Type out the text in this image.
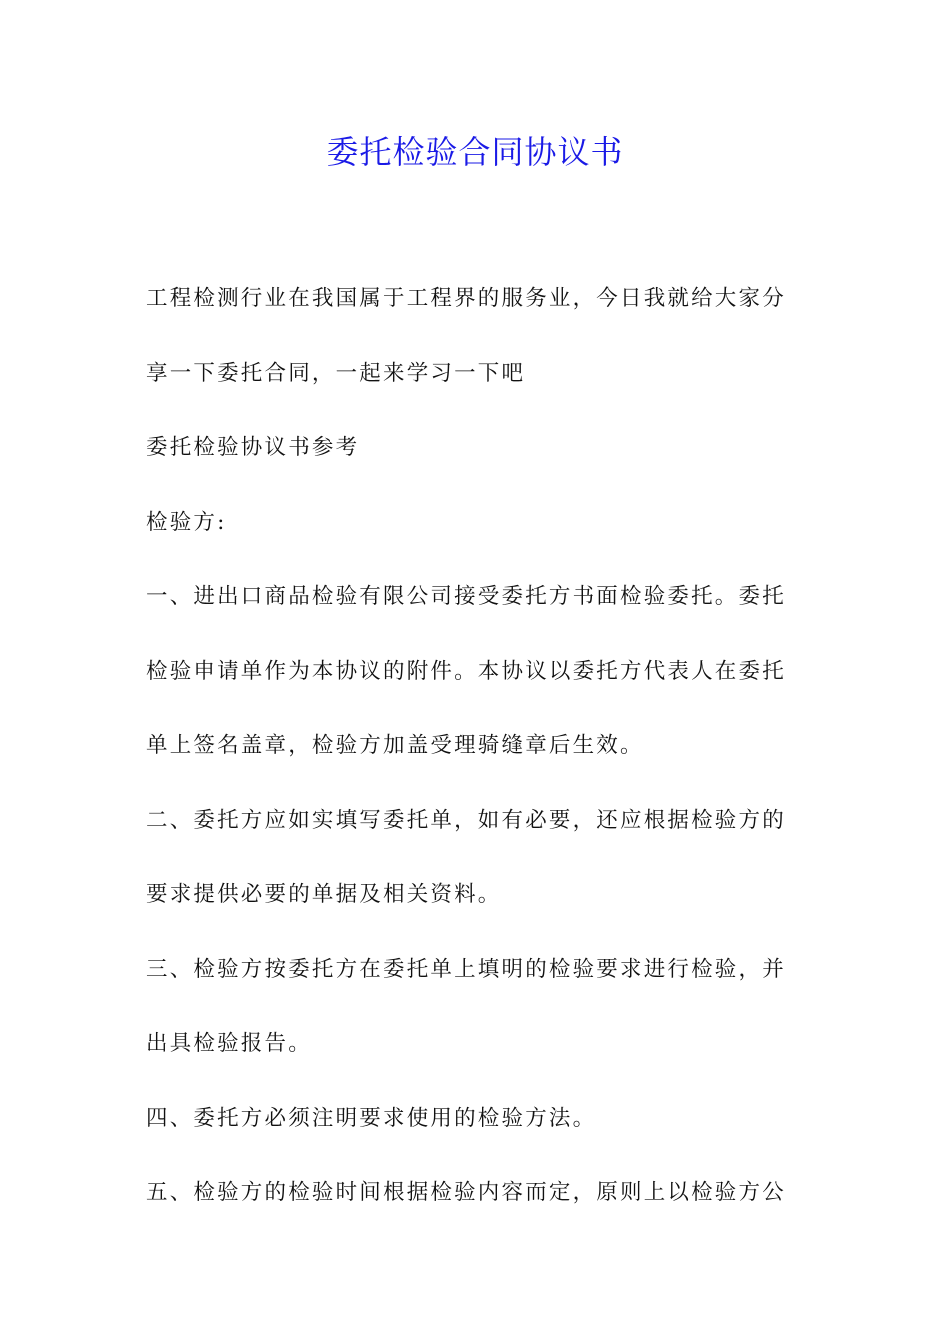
委托检验合同协议书
工程检测行业在我国属于工程界的服务业，今日我就给大家分
享一下委托合同，一起来学习一下吧
委托检验协议书参考
检验方:
一、进出口商品检验有限公司接受委托方书面检验委托。委托
检验申请单作为本协议的附件。本协议以委托方代表人在委托
单上签名盖章，检验方加盖受理骑缝章后生效。
二、委托方应如实填写委托单，如有必要，还应根据检验方的
要求提供必要的单据及相关资料。
三、检验方按委托方在委托单上填明的检验要求进行检验，并
出具检验报告。
四、委托方必须注明要求使用的检验方法。
五、检验方的检验时间根据检验内容而定，原则上以检验方公
